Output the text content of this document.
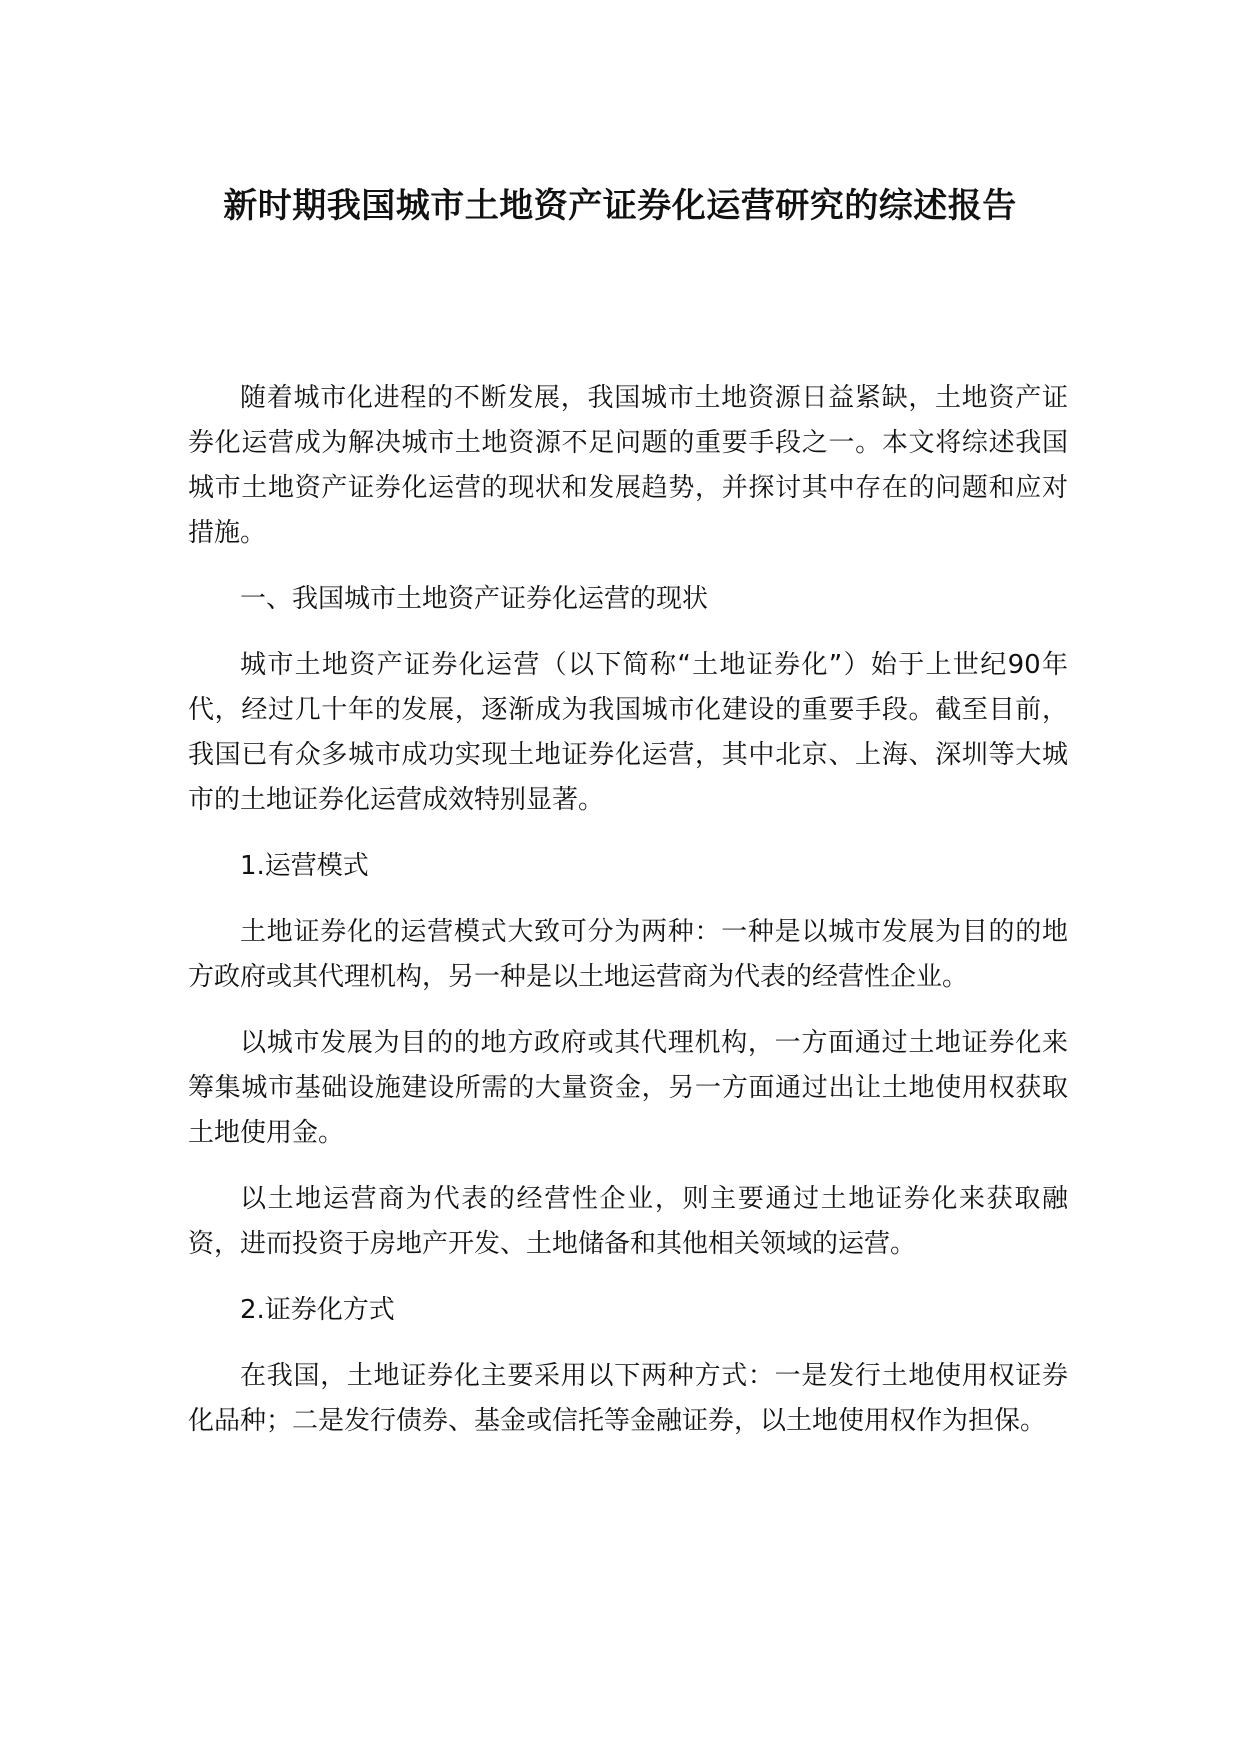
新时期我国城市土地资产证券化运营研究的综述报告

随着城市化进程的不断发展，我国城市土地资源日益紧缺，土地资产证券化运营成为解决城市土地资源不足问题的重要手段之一。本文将综述我国城市土地资产证券化运营的现状和发展趋势，并探讨其中存在的问题和应对措施。

一、我国城市土地资产证券化运营的现状

城市土地资产证券化运营（以下简称“土地证券化”）始于上世纪90年代，经过几十年的发展，逐渐成为我国城市化建设的重要手段。截至目前，我国已有众多城市成功实现土地证券化运营，其中北京、上海、深圳等大城市的土地证券化运营成效特别显著。

1.运营模式

土地证券化的运营模式大致可分为两种：一种是以城市发展为目的的地方政府或其代理机构，另一种是以土地运营商为代表的经营性企业。

以城市发展为目的的地方政府或其代理机构，一方面通过土地证券化来筹集城市基础设施建设所需的大量资金，另一方面通过出让土地使用权获取土地使用金。

以土地运营商为代表的经营性企业，则主要通过土地证券化来获取融资，进而投资于房地产开发、土地储备和其他相关领域的运营。

2.证券化方式

在我国，土地证券化主要采用以下两种方式：一是发行土地使用权证券化品种；二是发行债券、基金或信托等金融证券，以土地使用权作为担保。
